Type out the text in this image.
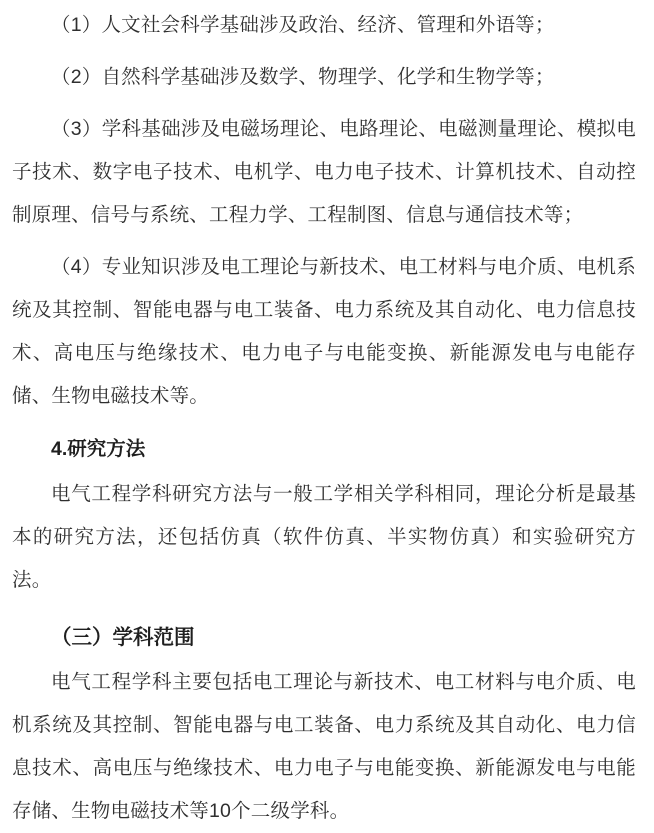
（1）人文社会科学基础涉及政治、经济、管理和外语等；

（2）自然科学基础涉及数学、物理学、化学和生物学等；

（3）学科基础涉及电磁场理论、电路理论、电磁测量理论、模拟电子技术、数字电子技术、电机学、电力电子技术、计算机技术、自动控制原理、信号与系统、工程力学、工程制图、信息与通信技术等；

（4）专业知识涉及电工理论与新技术、电工材料与电介质、电机系统及其控制、智能电器与电工装备、电力系统及其自动化、电力信息技术、高电压与绝缘技术、电力电子与电能变换、新能源发电与电能存储、生物电磁技术等。

4.研究方法

电气工程学科研究方法与一般工学相关学科相同，理论分析是最基本的研究方法，还包括仿真（软件仿真、半实物仿真）和实验研究方法。

（三）学科范围

电气工程学科主要包括电工理论与新技术、电工材料与电介质、电机系统及其控制、智能电器与电工装备、电力系统及其自动化、电力信息技术、高电压与绝缘技术、电力电子与电能变换、新能源发电与电能存储、生物电磁技术等10个二级学科。
